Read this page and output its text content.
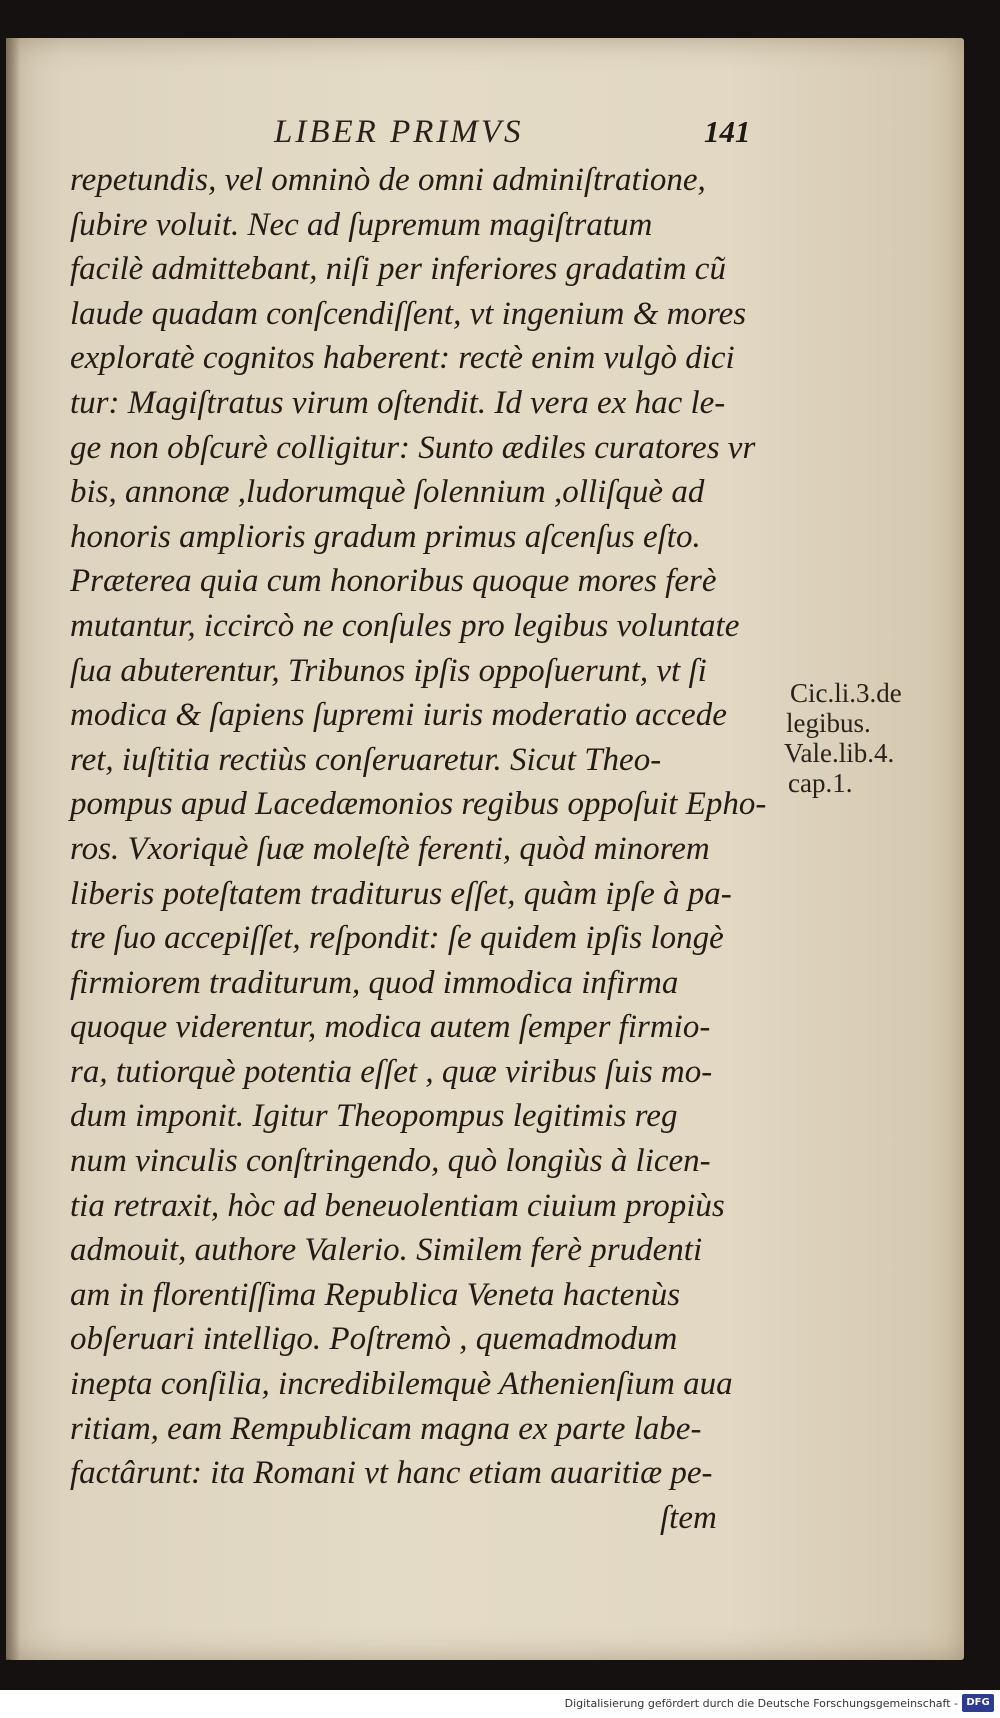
LIBER PRIMVS	141
repetundis, vel omninò de omni adminiſtratione,
ſubire voluit. Nec ad ſupremum magiſtratum
facilè admittebant, niſi per inferiores gradatim cũ
laude quadam conſcendiſſent, vt ingenium & mores
exploratè cognitos haberent: rectè enim vulgò dici
tur: Magiſtratus virum oſtendit. Id vera ex hac le-
ge non obſcurè colligitur: Sunto ædiles curatores vr
bis, annonæ ,ludorumquè ſolennium ,olliſquè ad
honoris amplioris gradum primus aſcenſus eſto.
Præterea quia cum honoribus quoque mores ferè
mutantur, iccircò ne conſules pro legibus voluntate
ſua abuterentur, Tribunos ipſis oppoſuerunt, vt ſi
modica & ſapiens ſupremi iuris moderatio accede
ret, iuſtitia rectiùs conſeruaretur. Sicut Theo-
pompus apud Lacedæmonios regibus oppoſuit Epho-
ros. Vxoriquè ſuæ moleſtè ferenti, quòd minorem
liberis poteſtatem traditurus eſſet, quàm ipſe à pa-
tre ſuo accepiſſet, reſpondit: ſe quidem ipſis longè
firmiorem traditurum, quod immodica infirma
quoque viderentur, modica autem ſemper firmio-
ra, tutiorquè potentia eſſet , quæ viribus ſuis mo-
dum imponit. Igitur Theopompus legitimis reg
num vinculis conſtringendo, quò longiùs à licen-
tia retraxit, hòc ad beneuolentiam ciuium propiùs
admouit, authore Valerio. Similem ferè prudenti
am in florentiſſima Republica Veneta hactenùs
obſeruari intelligo. Poſtremò , quemadmodum
inepta conſilia, incredibilemquè Athenienſium aua
ritiam, eam Rempublicam magna ex parte labe-
factârunt: ita Romani vt hanc etiam auaritiæ pe-
ſtem
Cic.li.3.de
legibus.
Vale.lib.4.
cap.1.
Digitalisierung gefördert durch die Deutsche Forschungsgemeinschaft - DFG
